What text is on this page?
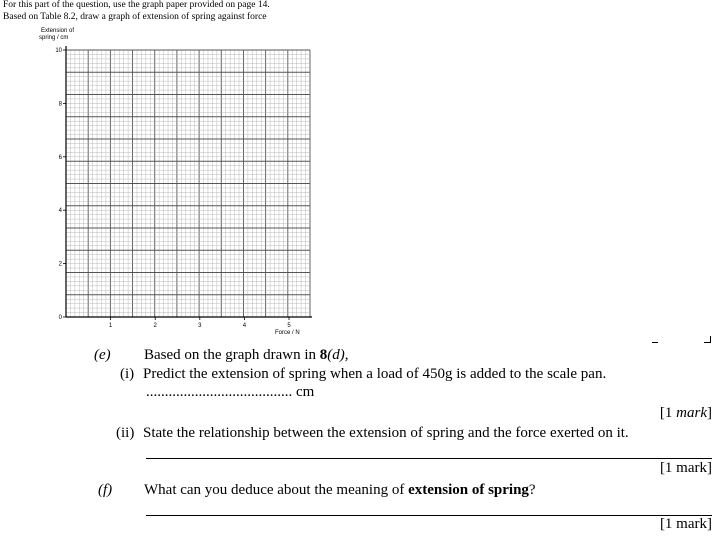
For this part of the question, use the graph paper provided on page 14.
Based on Table 8.2, draw a graph of extension of spring against force
Extension of
spring / cm
Force / N
0
2
4
6
8
10
1	2	3	4	5
(e) Based on the graph drawn in 8(d),
(i) Predict the extension of spring when a load of 450g is added to the scale pan.
....................................... cm
[1 mark]
(ii) State the relationship between the extension of spring and the force exerted on it.
[1 mark]
(f) What can you deduce about the meaning of extension of spring?
[1 mark]
